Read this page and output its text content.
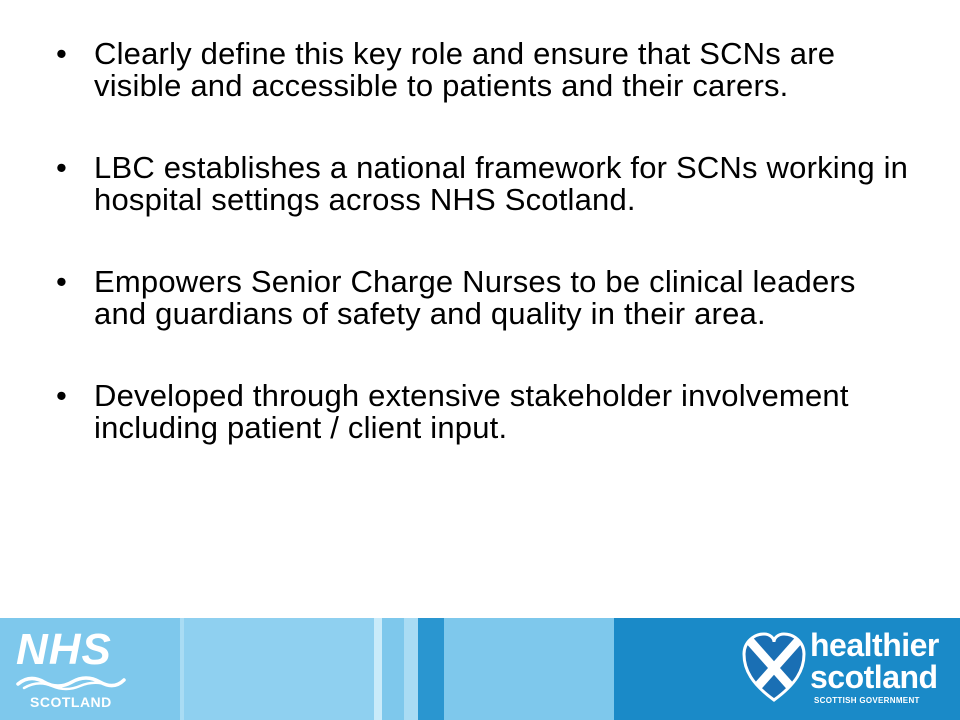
• Clearly define this key role and ensure that SCNs are visible and accessible to patients and their carers.
• LBC establishes a national framework for SCNs working in hospital settings across NHS Scotland.
• Empowers Senior Charge Nurses to be clinical leaders and guardians of safety and quality in their area.
• Developed through extensive stakeholder involvement including patient / client input.
NHS
SCOTLAND
healthier
scotland
SCOTTISH GOVERNMENT
